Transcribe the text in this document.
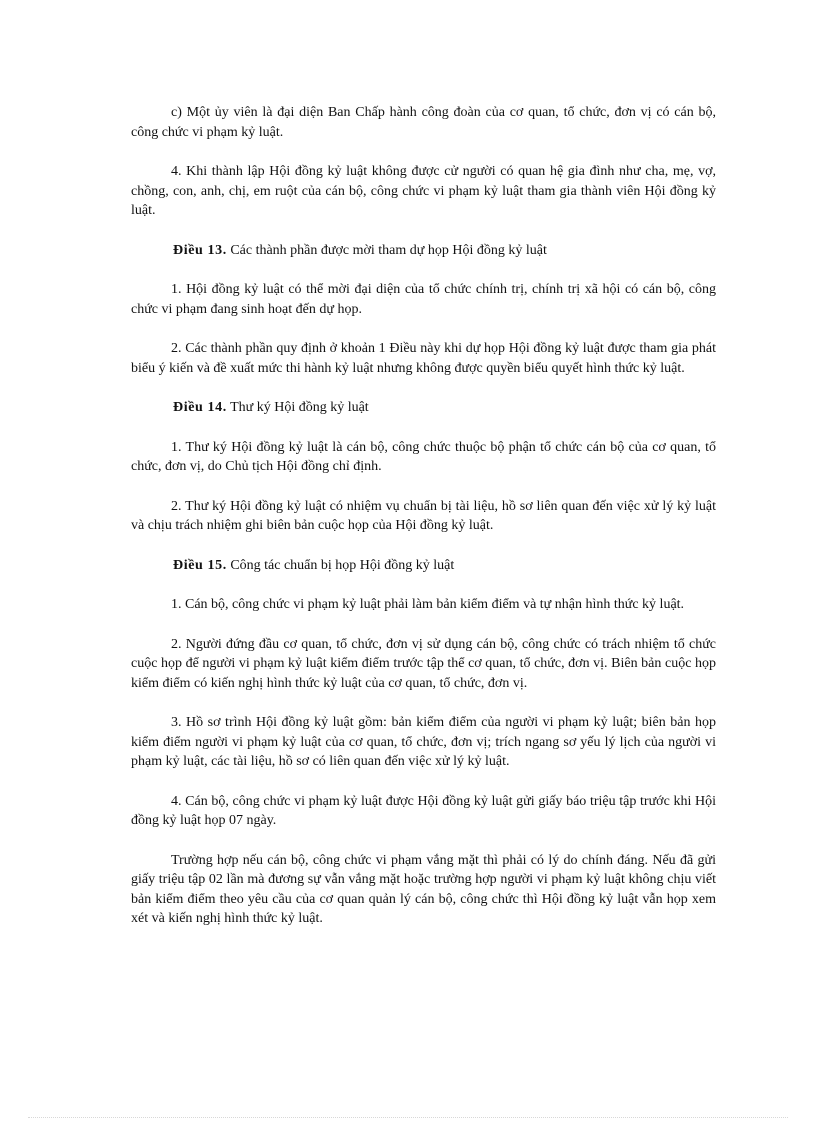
c) Một ủy viên là đại diện Ban Chấp hành công đoàn của cơ quan, tổ chức, đơn vị có cán bộ, công chức vi phạm kỷ luật.

4. Khi thành lập Hội đồng kỷ luật không được cử người có quan hệ gia đình như cha, mẹ, vợ, chồng, con, anh, chị, em ruột của cán bộ, công chức vi phạm kỷ luật tham gia thành viên Hội đồng kỷ luật.

Điều 13. Các thành phần được mời tham dự họp Hội đồng kỷ luật

1. Hội đồng kỷ luật có thể mời đại diện của tổ chức chính trị, chính trị xã hội có cán bộ, công chức vi phạm đang sinh hoạt đến dự họp.

2. Các thành phần quy định ở khoản 1 Điều này khi dự họp Hội đồng kỷ luật được tham gia phát biểu ý kiến và đề xuất mức thi hành kỷ luật nhưng không được quyền biểu quyết hình thức kỷ luật.

Điều 14. Thư ký Hội đồng kỷ luật

1. Thư ký Hội đồng kỷ luật là cán bộ, công chức thuộc bộ phận tổ chức cán bộ của cơ quan, tổ chức, đơn vị, do Chủ tịch Hội đồng chỉ định.

2. Thư ký Hội đồng kỷ luật có nhiệm vụ chuẩn bị tài liệu, hồ sơ liên quan đến việc xử lý kỷ luật và chịu trách nhiệm ghi biên bản cuộc họp của Hội đồng kỷ luật.

Điều 15. Công tác chuẩn bị họp Hội đồng kỷ luật

1. Cán bộ, công chức vi phạm kỷ luật phải làm bản kiểm điểm và tự nhận hình thức kỷ luật.

2. Người đứng đầu cơ quan, tổ chức, đơn vị sử dụng cán bộ, công chức có trách nhiệm tổ chức cuộc họp để người vi phạm kỷ luật kiểm điểm trước tập thể cơ quan, tổ chức, đơn vị. Biên bản cuộc họp kiểm điểm có kiến nghị hình thức kỷ luật của cơ quan, tổ chức, đơn vị.

3. Hồ sơ trình Hội đồng kỷ luật gồm: bản kiểm điểm của người vi phạm kỷ luật; biên bản họp kiểm điểm người vi phạm kỷ luật của cơ quan, tổ chức, đơn vị; trích ngang sơ yếu lý lịch của người vi phạm kỷ luật, các tài liệu, hồ sơ có liên quan đến việc xử lý kỷ luật.

4. Cán bộ, công chức vi phạm kỷ luật được Hội đồng kỷ luật gửi giấy báo triệu tập trước khi Hội đồng kỷ luật họp 07 ngày.

Trường hợp nếu cán bộ, công chức vi phạm vắng mặt thì phải có lý do chính đáng. Nếu đã gửi giấy triệu tập 02 lần mà đương sự vẫn vắng mặt hoặc trường hợp người vi phạm kỷ luật không chịu viết bản kiểm điểm theo yêu cầu của cơ quan quản lý cán bộ, công chức thì Hội đồng kỷ luật vẫn họp xem xét và kiến nghị hình thức kỷ luật.
